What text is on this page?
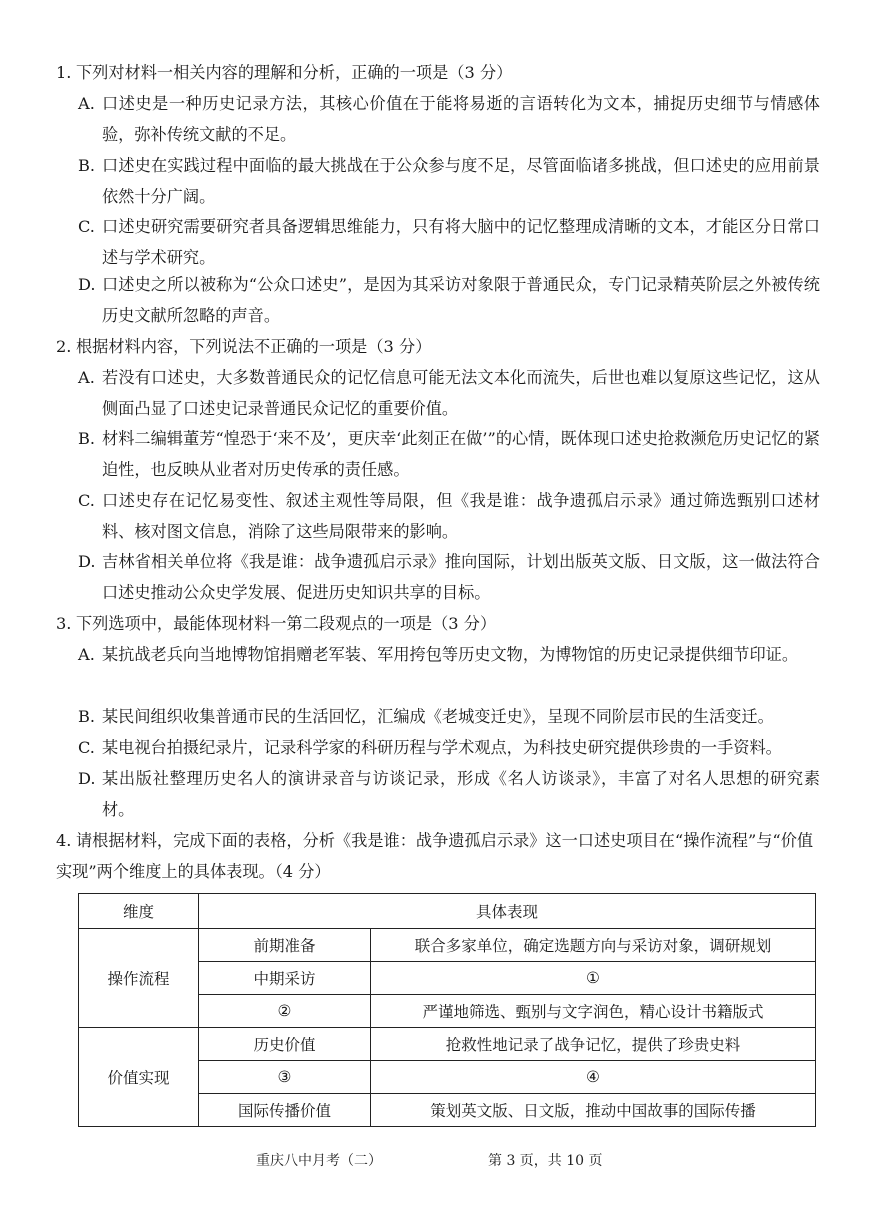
1. 下列对材料一相关内容的理解和分析，正确的一项是（3 分）
A. 口述史是一种历史记录方法，其核心价值在于能将易逝的言语转化为文本，捕捉历史细节与情感体验，弥补传统文献的不足。
B. 口述史在实践过程中面临的最大挑战在于公众参与度不足，尽管面临诸多挑战，但口述史的应用前景依然十分广阔。
C. 口述史研究需要研究者具备逻辑思维能力，只有将大脑中的记忆整理成清晰的文本，才能区分日常口述与学术研究。
D. 口述史之所以被称为“公众口述史”，是因为其采访对象限于普通民众，专门记录精英阶层之外被传统历史文献所忽略的声音。
2. 根据材料内容，下列说法不正确的一项是（3 分）
A. 若没有口述史，大多数普通民众的记忆信息可能无法文本化而流失，后世也难以复原这些记忆，这从侧面凸显了口述史记录普通民众记忆的重要价值。
B. 材料二编辑董芳“惶恐于‘来不及’，更庆幸‘此刻正在做’”的心情，既体现口述史抢救濒危历史记忆的紧迫性，也反映从业者对历史传承的责任感。
C. 口述史存在记忆易变性、叙述主观性等局限，但《我是谁：战争遗孤启示录》通过筛选甄别口述材料、核对图文信息，消除了这些局限带来的影响。
D. 吉林省相关单位将《我是谁：战争遗孤启示录》推向国际，计划出版英文版、日文版，这一做法符合口述史推动公众史学发展、促进历史知识共享的目标。
3. 下列选项中，最能体现材料一第二段观点的一项是（3 分）
A. 某抗战老兵向当地博物馆捐赠老军装、军用挎包等历史文物，为博物馆的历史记录提供细节印证。
B. 某民间组织收集普通市民的生活回忆，汇编成《老城变迁史》，呈现不同阶层市民的生活变迁。
C. 某电视台拍摄纪录片，记录科学家的科研历程与学术观点，为科技史研究提供珍贵的一手资料。
D. 某出版社整理历史名人的演讲录音与访谈记录，形成《名人访谈录》，丰富了对名人思想的研究素材。
4. 请根据材料，完成下面的表格，分析《我是谁：战争遗孤启示录》这一口述史项目在“操作流程”与“价值实现”两个维度上的具体表现。（4 分）
维度	具体表现	
操作流程	前期准备	联合多家单位，确定选题方向与采访对象，调研规划
	中期采访	①
	②	严谨地筛选、甄别与文字润色，精心设计书籍版式
价值实现	历史价值	抢救性地记录了战争记忆，提供了珍贵史料
	③	④
	国际传播价值	策划英文版、日文版，推动中国故事的国际传播
重庆八中月考（二）	第 3 页，共 10 页
